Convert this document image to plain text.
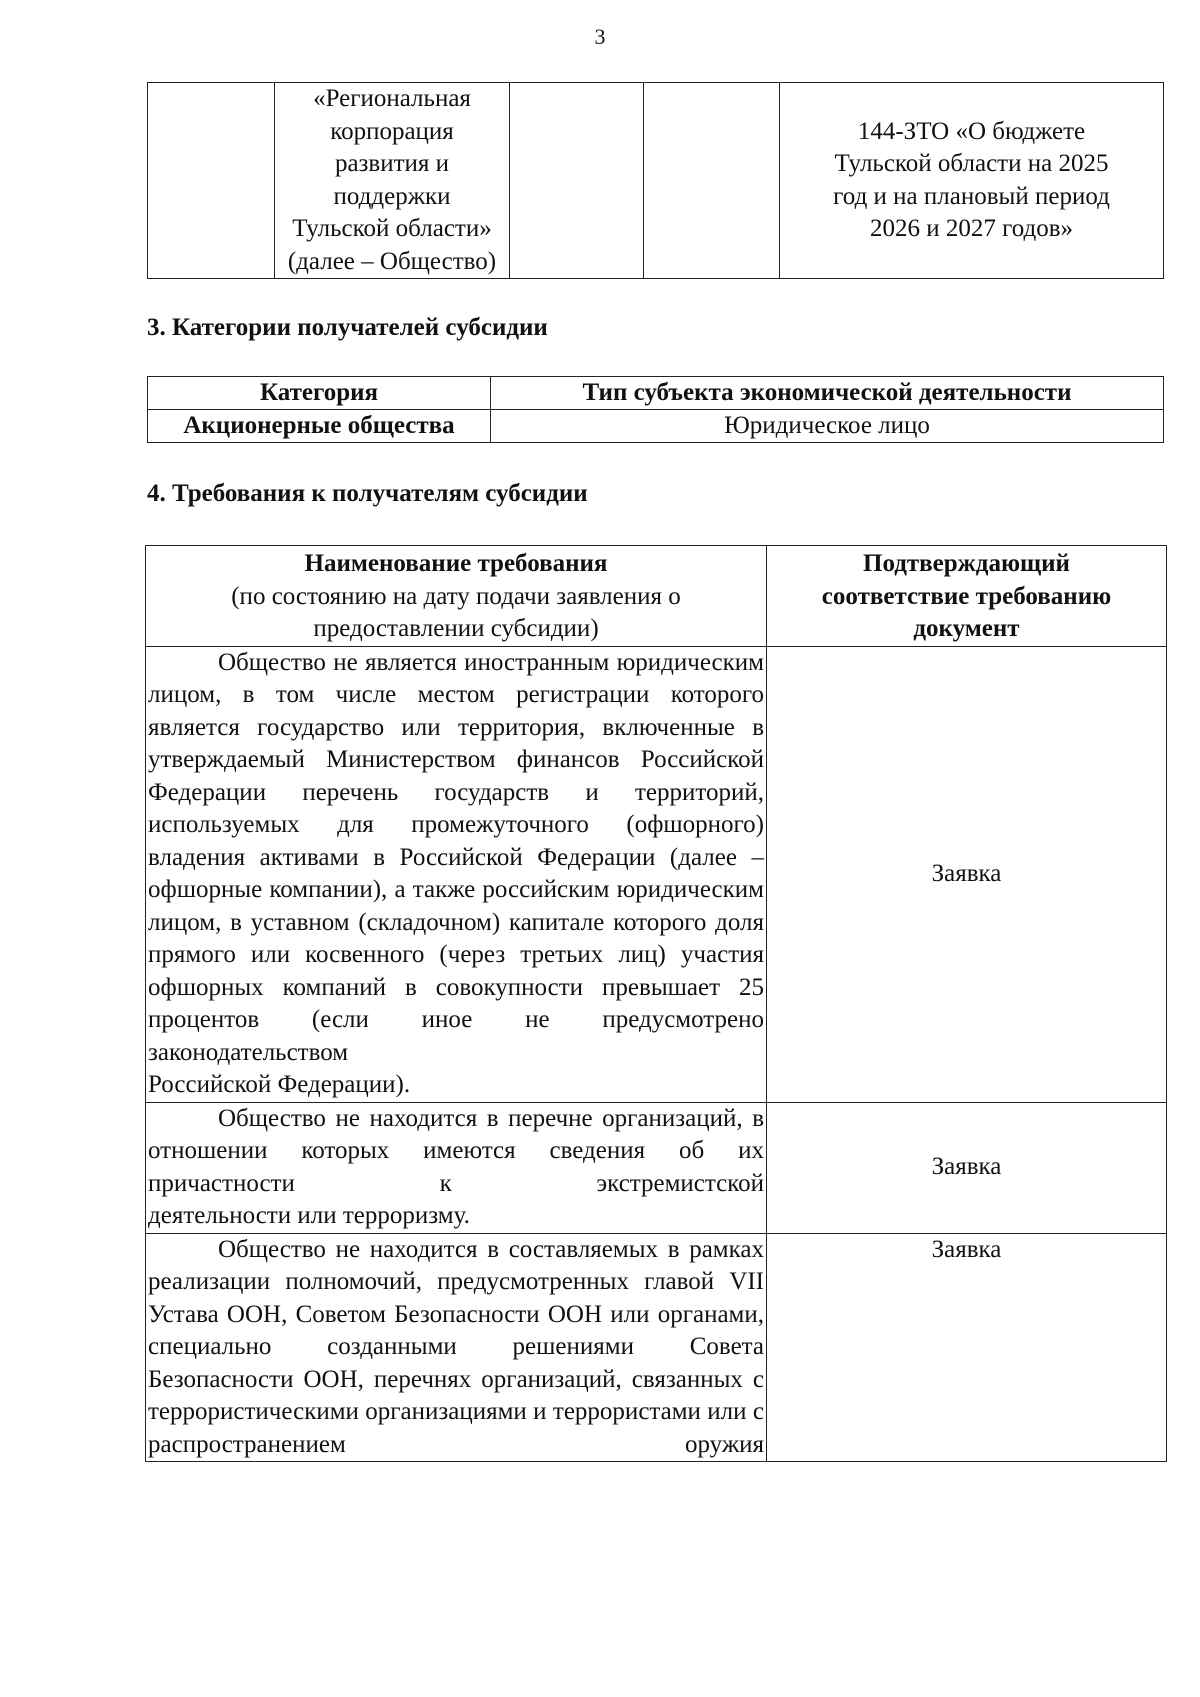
3
	«Региональная
корпорация
развития и
поддержки
Тульской области»
(далее – Общество)			144-ЗТО «О бюджете
Тульской области на 2025
год и на плановый период
2026 и 2027 годов»
3. Категории получателей субсидии
Категория	Тип субъекта экономической деятельности
Акционерные общества	Юридическое лицо
4. Требования к получателям субсидии
Наименование требования
(по состоянию на дату подачи заявления о
предоставлении субсидии)	Подтверждающий
соответствие требованию
документ

Общество не является иностранным юридическим лицом, в том числе местом регистрации которого является государство или территория, включенные в утверждаемый Министерством финансов Российской Федерации перечень государств и территорий, используемых для промежуточного (офшорного) владения активами в Российской Федерации (далее – офшорные компании), а также российским юридическим лицом, в уставном (складочном) капитале которого доля прямого или косвенного (через третьих лиц) участия офшорных компаний в совокупности превышает 25 процентов (если иное не предусмотрено законодательством
Российской Федерации).	Заявка

Общество не находится в перечне организаций, в отношении которых имеются сведения об их причастности к экстремистской
деятельности или терроризму.	Заявка

Общество не находится в составляемых в рамках реализации полномочий, предусмотренных главой VII Устава ООН, Советом Безопасности ООН или органами, специально созданными решениями Совета Безопасности ООН, перечнях организаций, связанных с террористическими организациями и террористами или с распространением оружия	Заявка
